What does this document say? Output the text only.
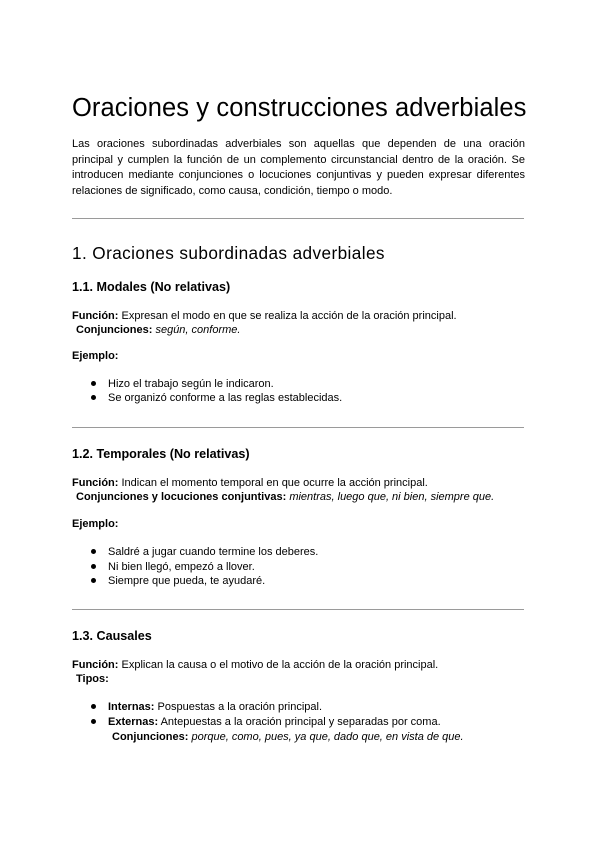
Oraciones y construcciones adverbiales

Las oraciones subordinadas adverbiales son aquellas que dependen de una oración principal y cumplen la función de un complemento circunstancial dentro de la oración. Se introducen mediante conjunciones o locuciones conjuntivas y pueden expresar diferentes relaciones de significado, como causa, condición, tiempo o modo.

1. Oraciones subordinadas adverbiales
1.1. Modales (No relativas)
Función: Expresan el modo en que se realiza la acción de la oración principal.
Conjunciones: según, conforme.
Ejemplo:
Hizo el trabajo según le indicaron.
Se organizó conforme a las reglas establecidas.
1.2. Temporales (No relativas)
Función: Indican el momento temporal en que ocurre la acción principal.
Conjunciones y locuciones conjuntivas: mientras, luego que, ni bien, siempre que.
Ejemplo:
Saldré a jugar cuando termine los deberes.
Ni bien llegó, empezó a llover.
Siempre que pueda, te ayudaré.
1.3. Causales
Función: Explican la causa o el motivo de la acción de la oración principal.
Tipos:
Internas: Pospuestas a la oración principal.
Externas: Antepuestas a la oración principal y separadas por coma.
Conjunciones: porque, como, pues, ya que, dado que, en vista de que.
